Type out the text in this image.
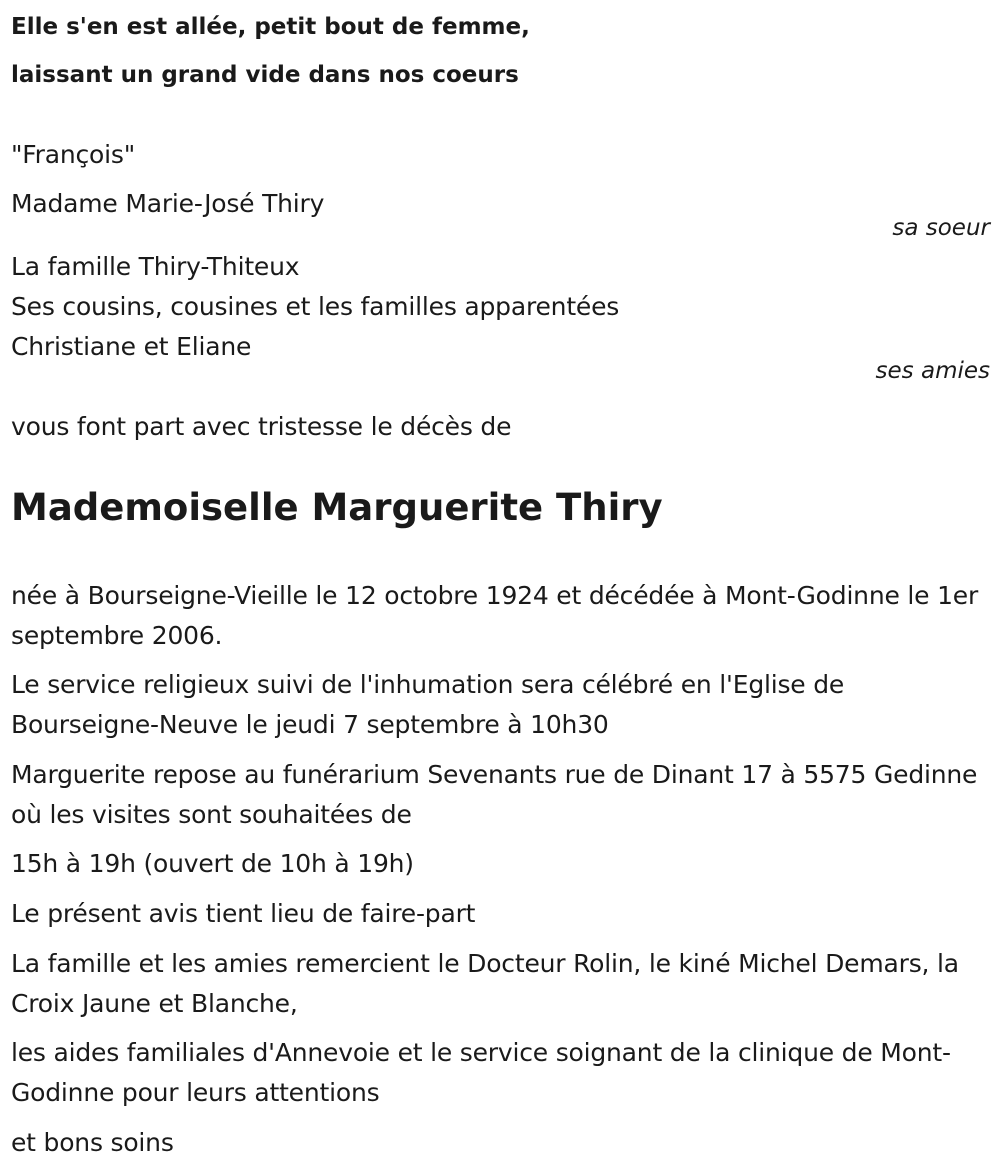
Elle s'en est allée, petit bout de femme,
laissant un grand vide dans nos coeurs
"François"
Madame Marie-José Thiry
sa soeur
La famille Thiry-Thiteux
Ses cousins, cousines et les familles apparentées
Christiane et Eliane
ses amies
vous font part avec tristesse le décès de
Mademoiselle Marguerite Thiry
née à Bourseigne-Vieille le 12 octobre 1924 et décédée à Mont-Godinne le 1er septembre 2006.
Le service religieux suivi de l'inhumation sera célébré en l'Eglise de Bourseigne-Neuve le jeudi 7 septembre à 10h30
Marguerite repose au funérarium Sevenants rue de Dinant 17 à 5575 Gedinne où les visites sont souhaitées de
15h à 19h (ouvert de 10h à 19h)
Le présent avis tient lieu de faire-part
La famille et les amies remercient le Docteur Rolin, le kiné Michel Demars, la Croix Jaune et Blanche,
les aides familiales d'Annevoie et le service soignant de la clinique de Mont-Godinne pour leurs attentions
et bons soins
